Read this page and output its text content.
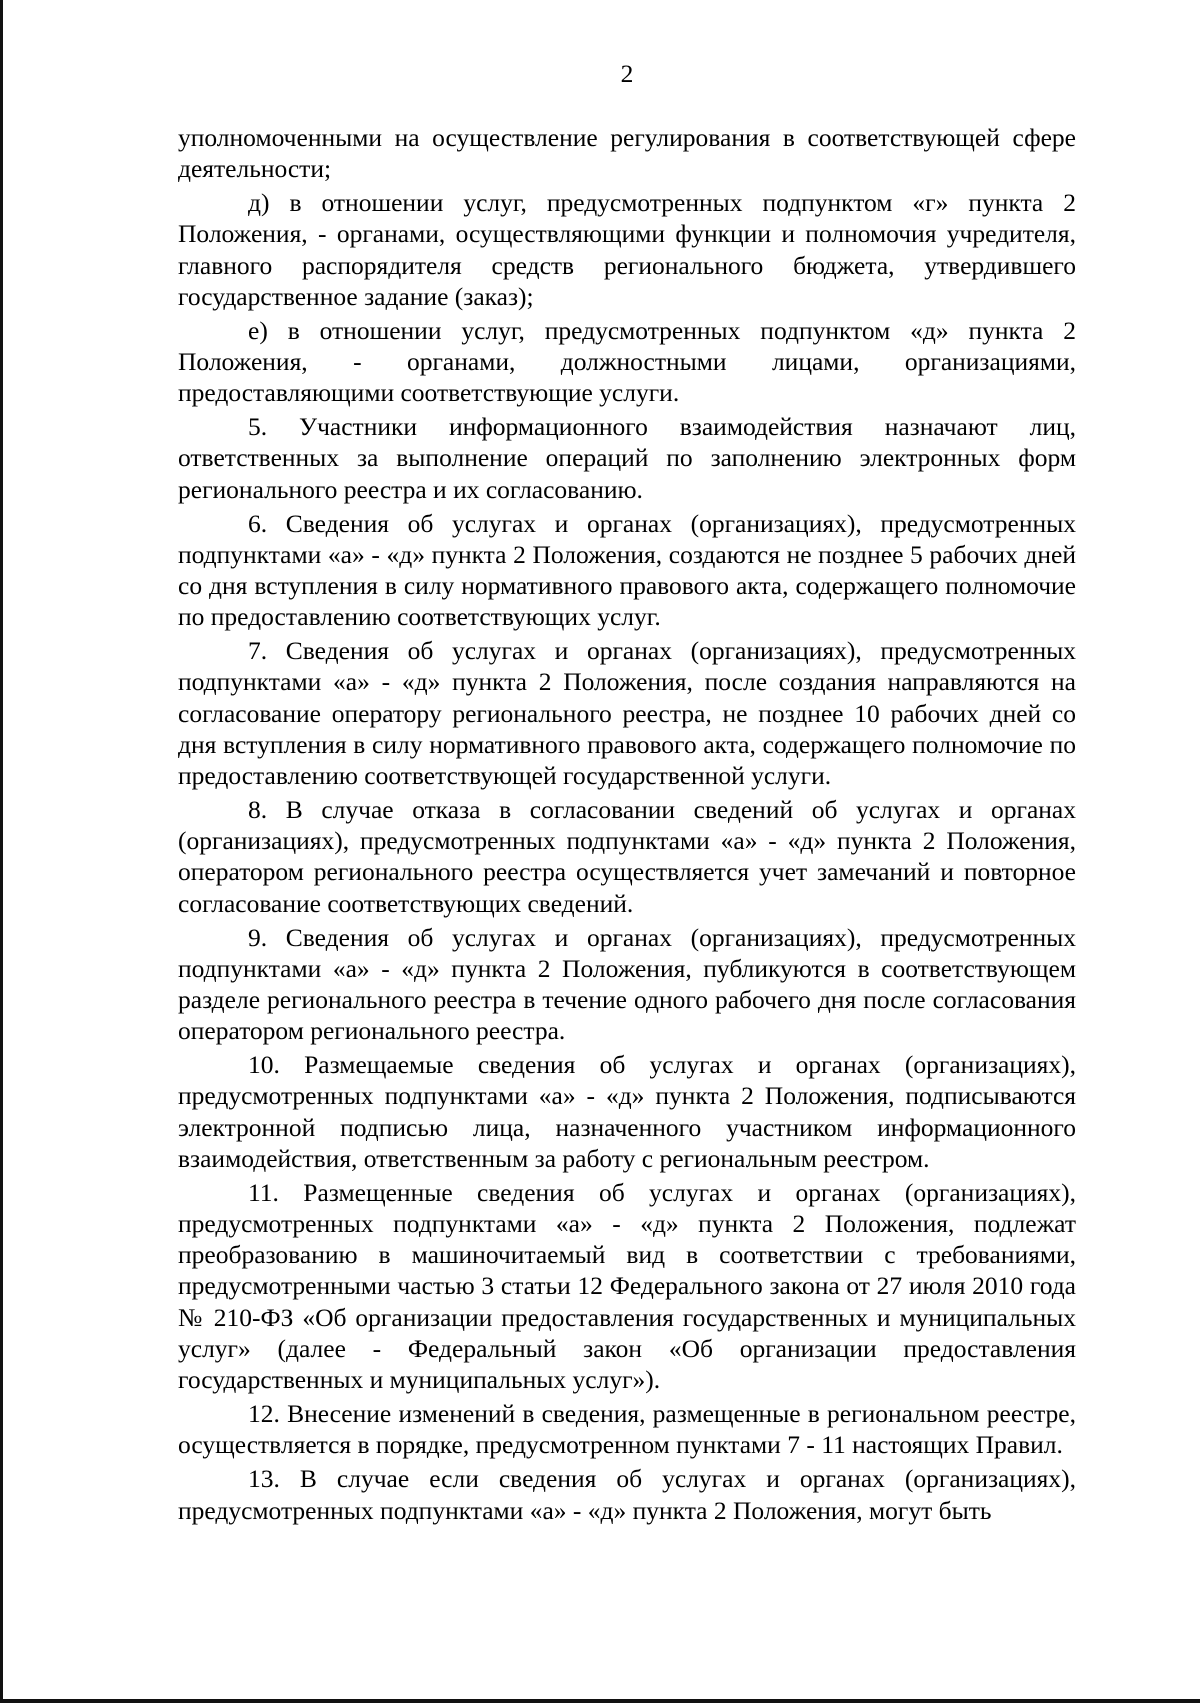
2

уполномоченными на осуществление регулирования в соответствующей сфере деятельности;

д) в отношении услуг, предусмотренных подпунктом «г» пункта 2 Положения, - органами, осуществляющими функции и полномочия учредителя, главного распорядителя средств регионального бюджета, утвердившего государственное задание (заказ);

е) в отношении услуг, предусмотренных подпунктом «д» пункта 2 Положения, - органами, должностными лицами, организациями, предоставляющими соответствующие услуги.

5. Участники информационного взаимодействия назначают лиц, ответственных за выполнение операций по заполнению электронных форм регионального реестра и их согласованию.

6. Сведения об услугах и органах (организациях), предусмотренных подпунктами «а» - «д» пункта 2 Положения, создаются не позднее 5 рабочих дней со дня вступления в силу нормативного правового акта, содержащего полномочие по предоставлению соответствующих услуг.

7. Сведения об услугах и органах (организациях), предусмотренных подпунктами «а» - «д» пункта 2 Положения, после создания направляются на согласование оператору регионального реестра, не позднее 10 рабочих дней со дня вступления в силу нормативного правового акта, содержащего полномочие по предоставлению соответствующей государственной услуги.

8. В случае отказа в согласовании сведений об услугах и органах (организациях), предусмотренных подпунктами «а» - «д» пункта 2 Положения, оператором регионального реестра осуществляется учет замечаний и повторное согласование соответствующих сведений.

9. Сведения об услугах и органах (организациях), предусмотренных подпунктами «а» - «д» пункта 2 Положения, публикуются в соответствующем разделе регионального реестра в течение одного рабочего дня после согласования оператором регионального реестра.

10. Размещаемые сведения об услугах и органах (организациях), предусмотренных подпунктами «а» - «д» пункта 2 Положения, подписываются электронной подписью лица, назначенного участником информационного взаимодействия, ответственным за работу с региональным реестром.

11. Размещенные сведения об услугах и органах (организациях), предусмотренных подпунктами «а» - «д» пункта 2 Положения, подлежат преобразованию в машиночитаемый вид в соответствии с требованиями, предусмотренными частью 3 статьи 12 Федерального закона от 27 июля 2010 года № 210-ФЗ «Об организации предоставления государственных и муниципальных услуг» (далее - Федеральный закон «Об организации предоставления государственных и муниципальных услуг»).

12. Внесение изменений в сведения, размещенные в региональном реестре, осуществляется в порядке, предусмотренном пунктами 7 - 11 настоящих Правил.

13. В случае если сведения об услугах и органах (организациях), предусмотренных подпунктами «а» - «д» пункта 2 Положения, могут быть
